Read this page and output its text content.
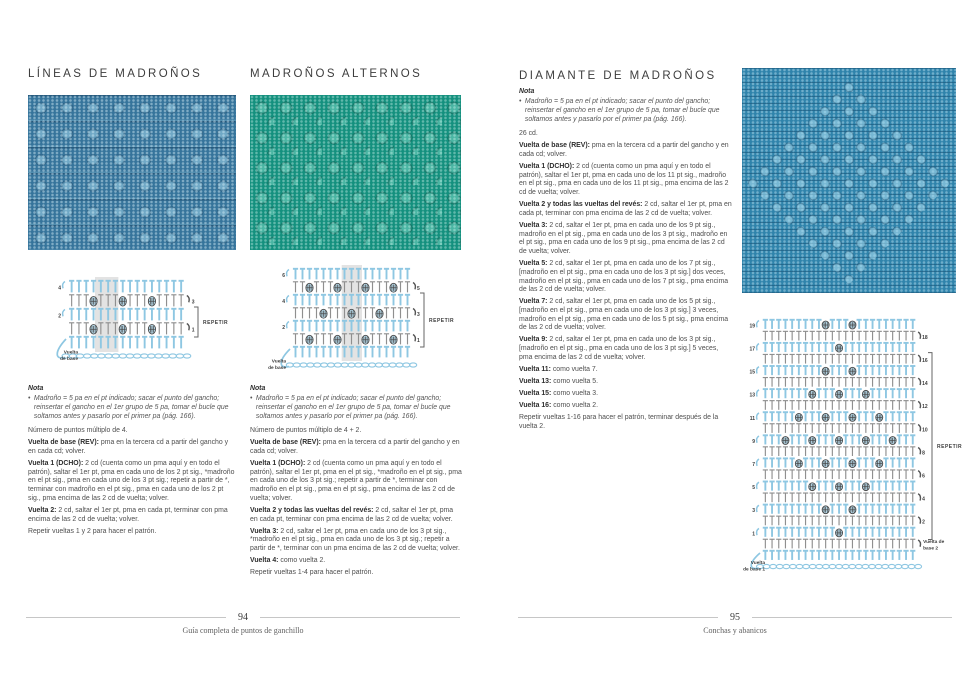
LÍNEAS DE MADROÑOS
Vuelta
de base
4
3
2
1
REPETIR
Nota
• Madroño = 5 pa en el pt indicado; sacar el punto del gancho; reinsertar el gancho en el 1er grupo de 5 pa, tomar el bucle que soltamos antes y pasarlo por el primer pa (pág. 166).

Número de puntos múltiplo de 4.

Vuelta de base (REV): pma en la tercera cd a partir del gancho y en cada cd; volver.

Vuelta 1 (DCHO): 2 cd (cuenta como un pma aquí y en todo el patrón), saltar el 1er pt, pma en cada uno de los 2 pt sig., *madroño en el pt sig., pma en cada uno de los 3 pt sig.; repetir a partir de *, terminar con madroño en el pt sig., pma en cada uno de los 2 pt sig., pma encima de las 2 cd de vuelta; volver.

Vuelta 2: 2 cd, saltar el 1er pt, pma en cada pt, terminar con pma encima de las 2 cd de vuelta; volver.

Repetir vueltas 1 y 2 para hacer el patrón.

MADROÑOS ALTERNOS
Vuelta
de base
6
5
4
3
2
1
REPETIR
Nota
• Madroño = 5 pa en el pt indicado; sacar el punto del gancho; reinsertar el gancho en el 1er grupo de 5 pa, tomar el bucle que soltamos antes y pasarlo por el primer pa (pág. 166).

Número de puntos múltiplo de 4 + 2.

Vuelta de base (REV): pma en la tercera cd a partir del gancho y en cada cd; volver.

Vuelta 1 (DCHO): 2 cd (cuenta como un pma aquí y en todo el patrón), saltar el 1er pt, pma en el pt sig., *madroño en el pt sig., pma en cada uno de los 3 pt sig.; repetir a partir de *, terminar con madroño en el pt sig., pma en el pt sig., pma encima de las 2 cd de vuelta; volver.

Vuelta 2 y todas las vueltas del revés: 2 cd, saltar el 1er pt, pma en cada pt, terminar con pma encima de las 2 cd de vuelta; volver.

Vuelta 3: 2 cd, saltar el 1er pt, pma en cada uno de los 3 pt sig., *madroño en el pt sig., pma en cada uno de los 3 pt sig.; repetir a partir de *, terminar con un pma encima de las 2 cd de vuelta; volver.

Vuelta 4: como vuelta 2.

Repetir vueltas 1-4 para hacer el patrón.

94
Guía completa de puntos de ganchillo
DIAMANTE DE MADROÑOS
Nota
• Madroño = 5 pa en el pt indicado; sacar el punto del gancho; reinsertar el gancho en el 1er grupo de 5 pa, tomar el bucle que soltamos antes y pasarlo por el primer pa (pág. 166).

26 cd.

Vuelta de base (REV): pma en la tercera cd a partir del gancho y en cada cd; volver.

Vuelta 1 (DCHO): 2 cd (cuenta como un pma aquí y en todo el patrón), saltar el 1er pt, pma en cada uno de los 11 pt sig., madroño en el pt sig., pma en cada uno de los 11 pt sig., pma encima de las 2 cd de vuelta; volver.

Vuelta 2 y todas las vueltas del revés: 2 cd, saltar el 1er pt, pma en cada pt, terminar con pma encima de las 2 cd de vuelta; volver.

Vuelta 3: 2 cd, saltar el 1er pt, pma en cada uno de los 9 pt sig., madroño en el pt sig., pma en cada uno de los 3 pt sig., madroño en el pt sig., pma en cada uno de los 9 pt sig., pma encima de las 2 cd de vuelta; volver.

Vuelta 5: 2 cd, saltar el 1er pt, pma en cada uno de los 7 pt sig., [madroño en el pt sig., pma en cada uno de los 3 pt sig.] dos veces, madroño en el pt sig., pma en cada uno de los 7 pt sig., pma encima de las 2 cd de vuelta; volver.

Vuelta 7: 2 cd, saltar el 1er pt, pma en cada uno de los 5 pt sig., [madroño en el pt sig., pma en cada uno de los 3 pt sig.] 3 veces, madroño en el pt sig., pma en cada uno de los 5 pt sig., pma encima de las 2 cd de vuelta; volver.

Vuelta 9: 2 cd, saltar el 1er pt, pma en cada uno de los 3 pt sig., [madroño en el pt sig., pma en cada uno de los 3 pt sig.] 5 veces, pma encima de las 2 cd de vuelta; volver.

Vuelta 11: como vuelta 7.

Vuelta 13: como vuelta 5.

Vuelta 15: como vuelta 3.

Vuelta 16: como vuelta 2.

Repetir vueltas 1-16 para hacer el patrón, terminar después de la vuelta 2.

Vuelta
de base 1
19
18
17
16
15
14
13
12
11
10
9
8
7
6
5
4
3
2
1
Vuelta de
base 2
REPETIR
95
Conchas y abanicos
